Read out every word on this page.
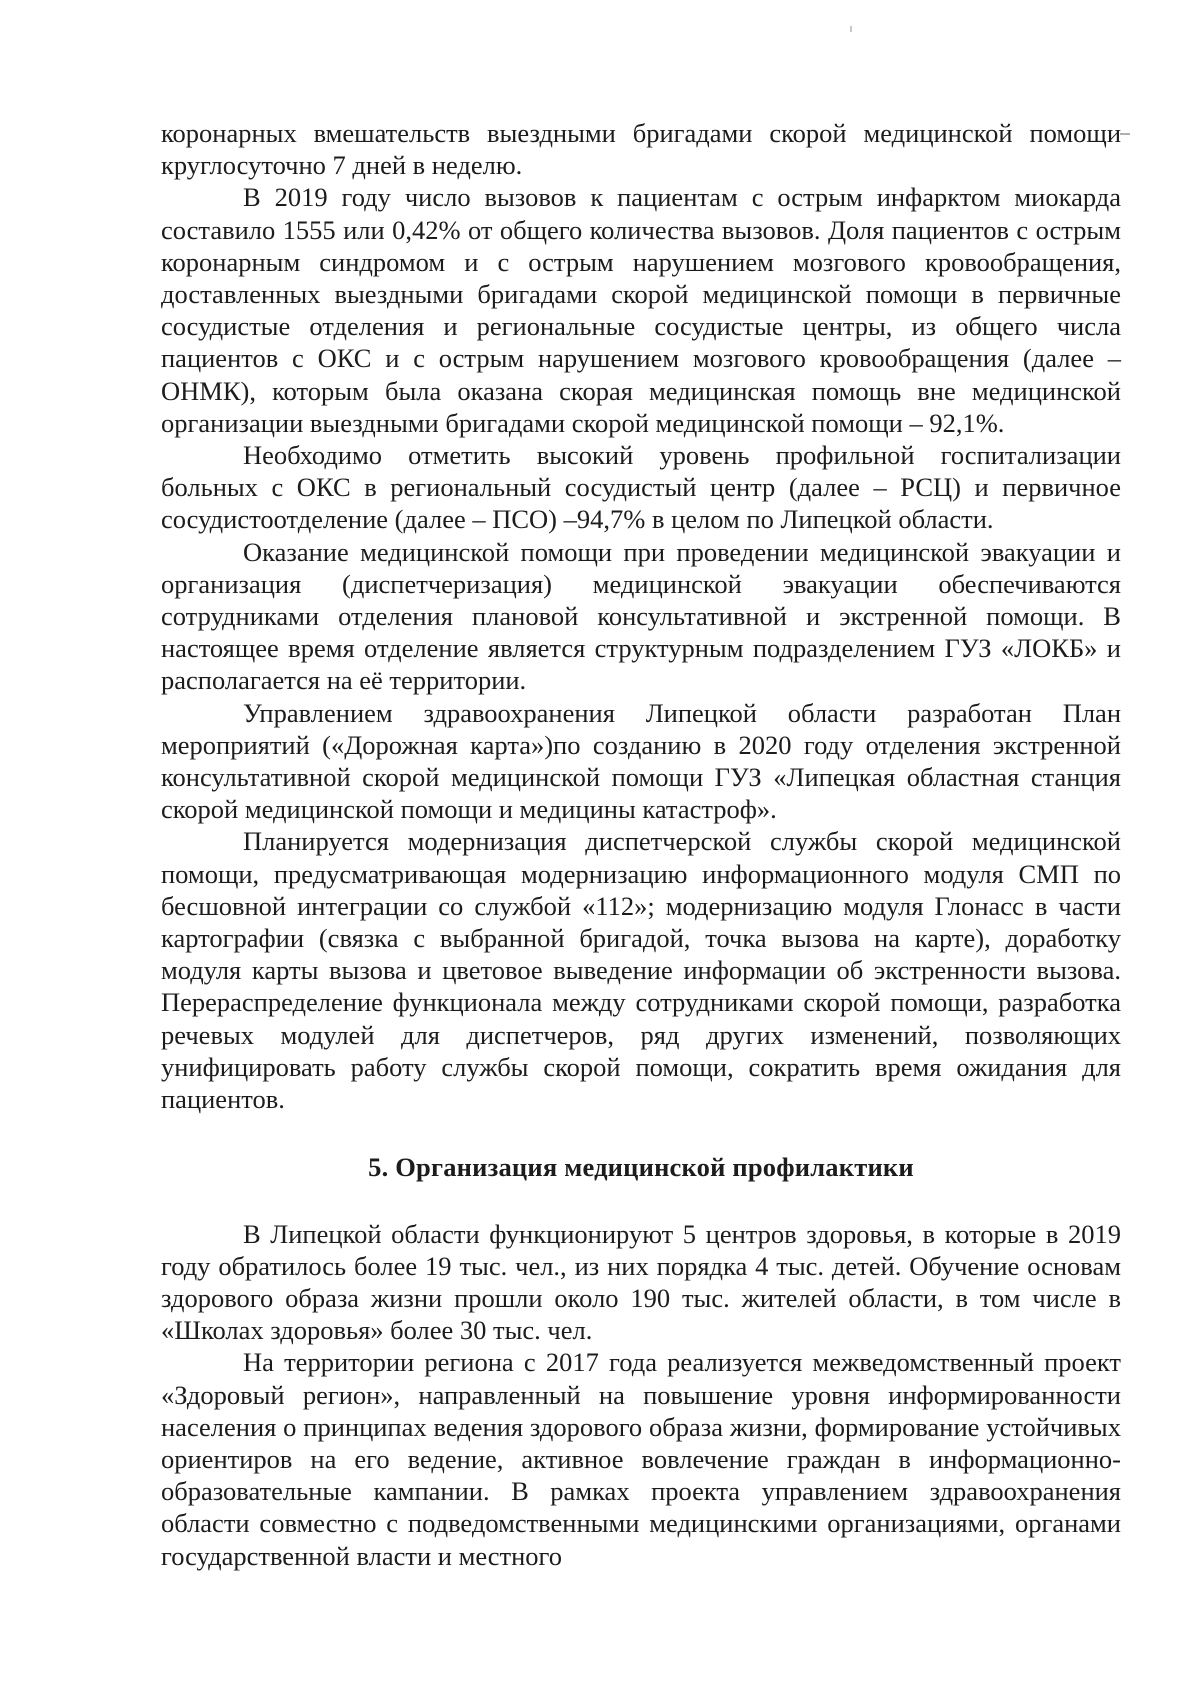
коронарных вмешательств выездными бригадами скорой медицинской помощи круглосуточно 7 дней в неделю.

В 2019 году число вызовов к пациентам с острым инфарктом миокарда составило 1555 или 0,42% от общего количества вызовов. Доля пациентов с острым коронарным синдромом и с острым нарушением мозгового кровообращения, доставленных выездными бригадами скорой медицинской помощи в первичные сосудистые отделения и региональные сосудистые центры, из общего числа пациентов с ОКС и с острым нарушением мозгового кровообращения (далее – ОНМК), которым была оказана скорая медицинская помощь вне медицинской организации выездными бригадами скорой медицинской помощи – 92,1%.

Необходимо отметить высокий уровень профильной госпитализации больных с ОКС в региональный сосудистый центр (далее – РСЦ) и первичное сосудистоотделение (далее – ПСО) –94,7% в целом по Липецкой области.

Оказание медицинской помощи при проведении медицинской эвакуации и организация (диспетчеризация) медицинской эвакуации обеспечиваются сотрудниками отделения плановой консультативной и экстренной помощи. В настоящее время отделение является структурным подразделением ГУЗ «ЛОКБ» и располагается на её территории.

Управлением здравоохранения Липецкой области разработан План мероприятий («Дорожная карта»)по созданию в 2020 году отделения экстренной консультативной скорой медицинской помощи ГУЗ «Липецкая областная станция скорой медицинской помощи и медицины катастроф».

Планируется модернизация диспетчерской службы скорой медицинской помощи, предусматривающая модернизацию информационного модуля СМП по бесшовной интеграции со службой «112»; модернизацию модуля Глонасс в части картографии (связка с выбранной бригадой, точка вызова на карте), доработку модуля карты вызова и цветовое выведение информации об экстренности вызова. Перераспределение функционала между сотрудниками скорой помощи, разработка речевых модулей для диспетчеров, ряд других изменений, позволяющих унифицировать работу службы скорой помощи, сократить время ожидания для пациентов.

5. Организация медицинской профилактики

В Липецкой области функционируют 5 центров здоровья, в которые в 2019 году обратилось более 19 тыс. чел., из них порядка 4 тыс. детей. Обучение основам здорового образа жизни прошли около 190 тыс. жителей области, в том числе в «Школах здоровья» более 30 тыс. чел.

На территории региона с 2017 года реализуется межведомственный проект «Здоровый регион», направленный на повышение уровня информированности населения о принципах ведения здорового образа жизни, формирование устойчивых ориентиров на его ведение, активное вовлечение граждан в информационно-образовательные кампании. В рамках проекта управлением здравоохранения области совместно с подведомственными медицинскими организациями, органами государственной власти и местного
